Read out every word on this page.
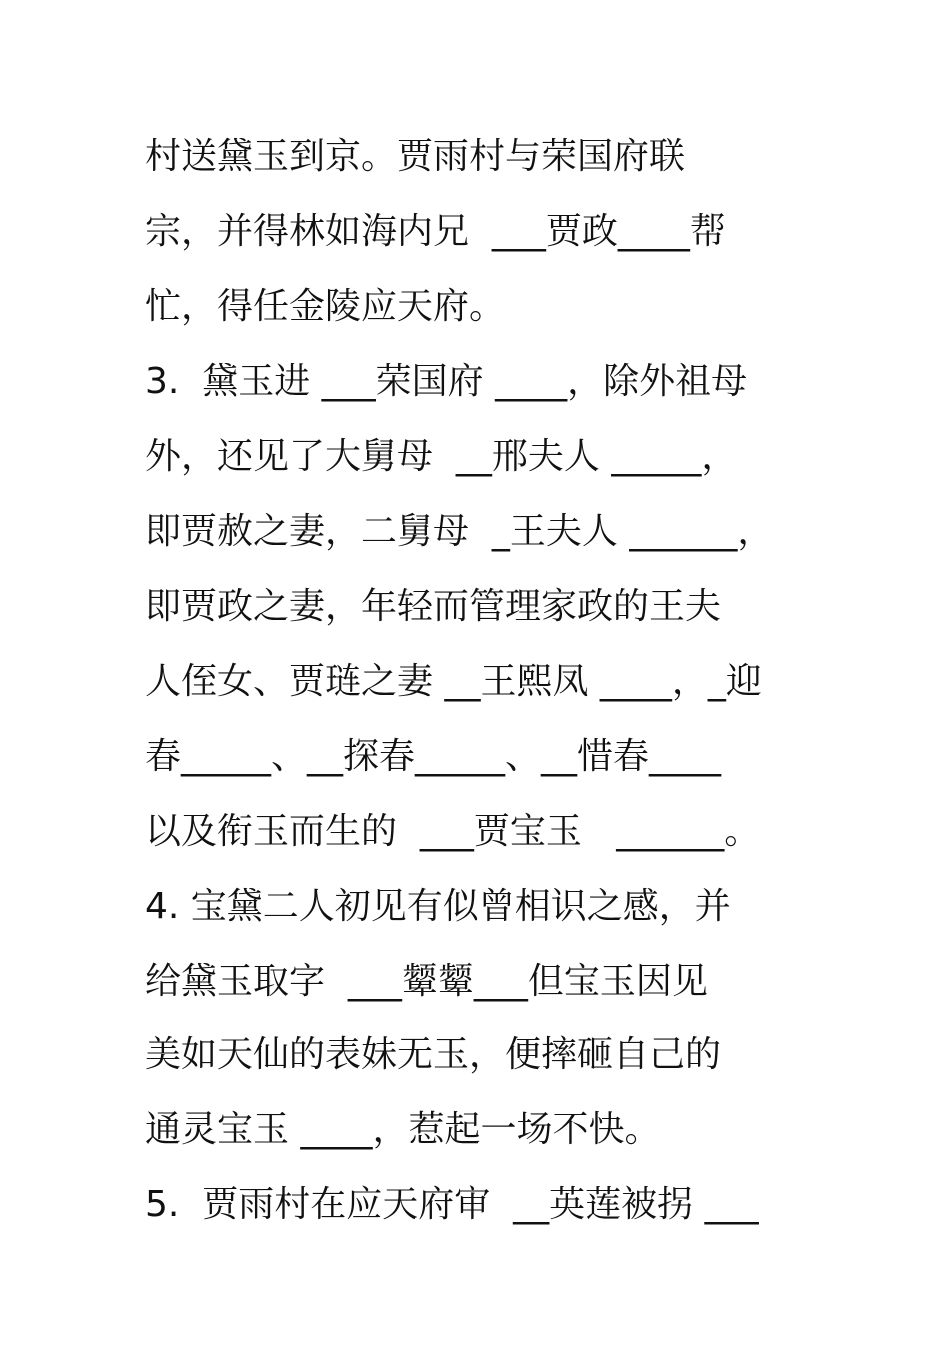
村送黛玉到京。贾雨村与荣国府联
宗，并得林如海内兄  ___贾政____帮
忙，得任金陵应天府。
3.  黛玉进 ___荣国府 ____，除外祖母
外，还见了大舅母  __邢夫人 _____，
即贾赦之妻，二舅母  _王夫人 ______，
即贾政之妻，年轻而管理家政的王夫
人侄女、贾琏之妻 __王熙凤 ____，_迎
春_____、__探春_____、__惜春____
以及衔玉而生的  ___贾宝玉   ______。
4. 宝黛二人初见有似曾相识之感，并
给黛玉取字  ___颦颦___但宝玉因见
美如天仙的表妹无玉，便摔砸自己的
通灵宝玉 ____，惹起一场不快。
5.  贾雨村在应天府审  __英莲被拐 ___
